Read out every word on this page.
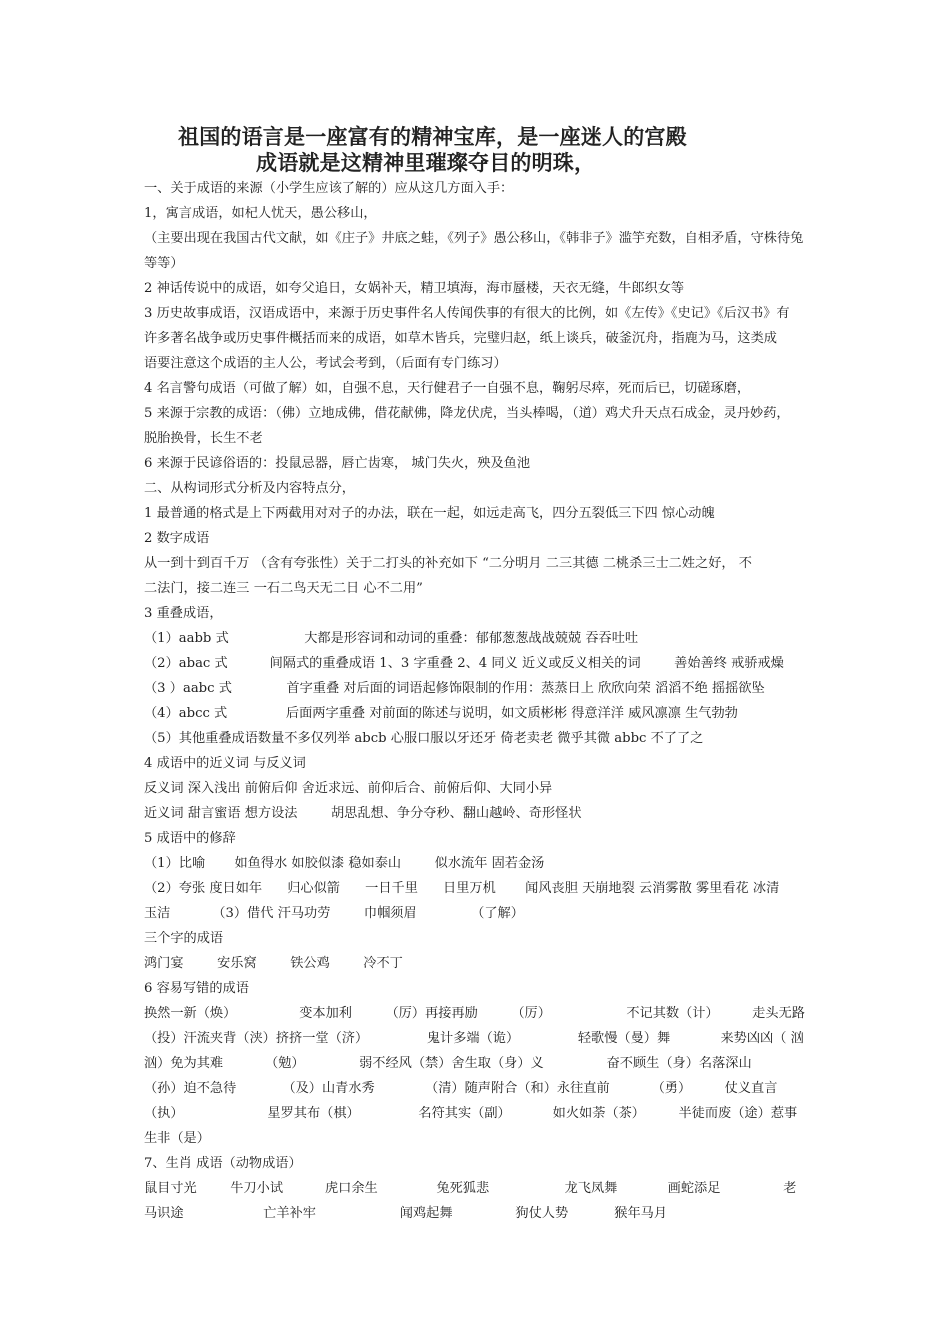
祖国的语言是一座富有的精神宝库，是一座迷人的宫殿
成语就是这精神里璀璨夺目的明珠，
一、关于成语的来源（小学生应该了解的）应从这几方面入手：
1，寓言成语，如杞人忧天，愚公移山，
（主要出现在我国古代文献，如《庄子》井底之蛙，《列子》愚公移山，《韩非子》滥竽充数，自相矛盾，守株待兔
等等）
2 神话传说中的成语，如夸父追日，女娲补天，精卫填海，海市蜃楼，天衣无缝，牛郎织女等
3 历史故事成语，汉语成语中，来源于历史事件名人传闻佚事的有很大的比例，如《左传》《史记》《后汉书》有
许多著名战争或历史事件概括而来的成语，如草木皆兵，完璧归赵，纸上谈兵，破釜沉舟，指鹿为马，这类成
语要注意这个成语的主人公，考试会考到，（后面有专门练习）
4 名言警句成语（可做了解）如，自强不息，天行健君子一自强不息，鞠躬尽瘁，死而后已，切磋琢磨，
5 来源于宗教的成语：（佛）立地成佛，借花献佛，降龙伏虎，当头棒喝，（道）鸡犬升天点石成金，灵丹妙药，
脱胎换骨，长生不老
6 来源于民谚俗语的：投鼠忌器，唇亡齿寒， 城门失火，殃及鱼池
二、从构词形式分析及内容特点分，
1 最普通的格式是上下两截用对对子的办法，联在一起，如远走高飞，四分五裂低三下四 惊心动魄
2 数字成语
从一到十到百千万 （含有夸张性）关于二打头的补充如下 “二分明月 二三其德 二桃杀三士二姓之好， 不
二法门，接二连三 一石二鸟天无二日 心不二用”
3 重叠成语，
（1）aabb 式                  大都是形容词和动词的重叠：郁郁葱葱战战兢兢 吞吞吐吐
（2）abac 式          间隔式的重叠成语 1、3 字重叠 2、4 同义 近义或反义相关的词        善始善终 戒骄戒燥
（3 ）aabc 式             首字重叠 对后面的词语起修饰限制的作用：蒸蒸日上 欣欣向荣 滔滔不绝 摇摇欲坠
（4）abcc 式              后面两字重叠 对前面的陈述与说明，如文质彬彬 得意洋洋 威风凛凛 生气勃勃
（5）其他重叠成语数量不多仅列举 abcb 心服口服以牙还牙 倚老卖老 微乎其微 abbc 不了了之
4 成语中的近义词 与反义词
反义词 深入浅出 前俯后仰 舍近求远、前仰后合、前俯后仰、大同小异
近义词 甜言蜜语 想方设法        胡思乱想、争分夺秒、翻山越岭、奇形怪状
5 成语中的修辞
（1）比喻       如鱼得水 如胶似漆 稳如泰山        似水流年 固若金汤
（2）夸张 度日如年      归心似箭      一日千里      日里万机       闻风丧胆 天崩地裂 云消雾散 雾里看花 冰清
玉洁          （3）借代 汗马功劳        巾帼须眉             （了解）
三个字的成语
鸿门宴        安乐窝        铁公鸡        冷不丁
6 容易写错的成语
换然一新（焕）               变本加利        （厉）再接再励        （厉）                  不记其数（计）        走头无路
（投）汗流夹背（浃）挤挤一堂（济）              鬼计多端（诡）              轻歌慢（曼）舞            来势凶凶（ 汹
汹）免为其难          （勉）             弱不经风（禁）舍生取（身）义               奋不顾生（身）名落深山
（孙）迫不急待           （及）山青水秀            （清）随声附合（和）永往直前          （勇）        仗义直言
（执）                    星罗其布（棋）              名符其实（副）          如火如荼（茶）        半徒而废（途）惹事
生非（是）
7、生肖 成语（动物成语）
鼠目寸光        牛刀小试          虎口余生              兔死狐悲                  龙飞凤舞            画蛇添足               老
马识途                   亡羊补牢                    闻鸡起舞               狗仗人势           猴年马月
